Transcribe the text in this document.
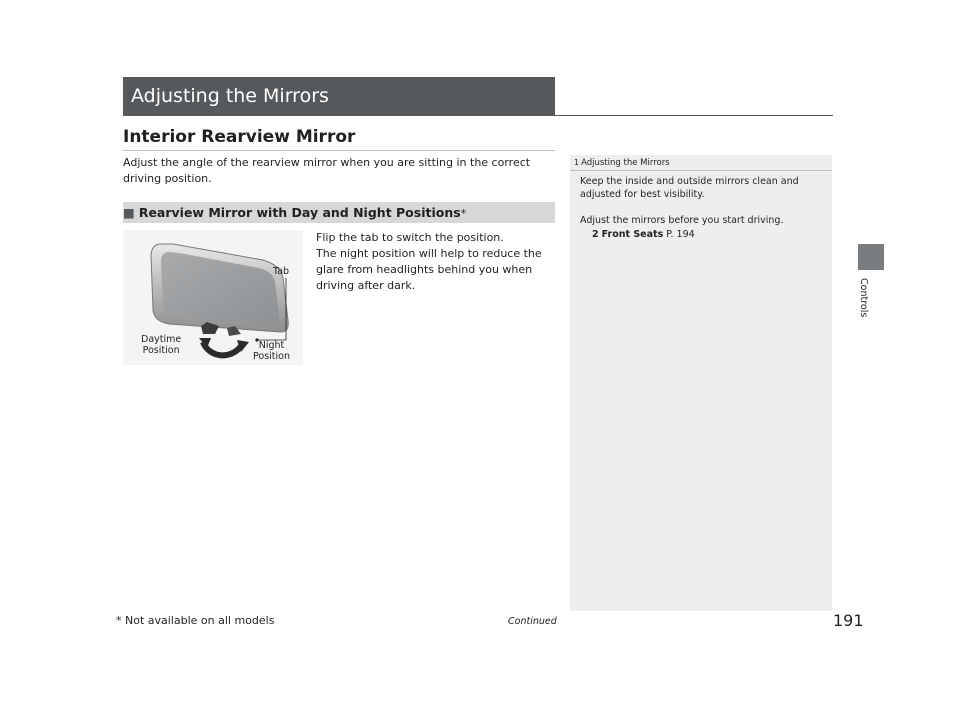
Adjusting the Mirrors
Controls
Interior Rearview Mirror
Adjust the angle of the rearview mirror when you are sitting in the correct driving position.
■ Rearview Mirror with Day and Night Positions*
Tab
Daytime
Position	Night
Position

Flip the tab to switch the position.

The night position will help to reduce the glare from headlights behind you when driving after dark.

1 Adjusting the Mirrors
Keep the inside and outside mirrors clean and adjusted for best visibility.
Adjust the mirrors before you start driving.
2 Front Seats P. 194
* Not available on all models	Continued	191
